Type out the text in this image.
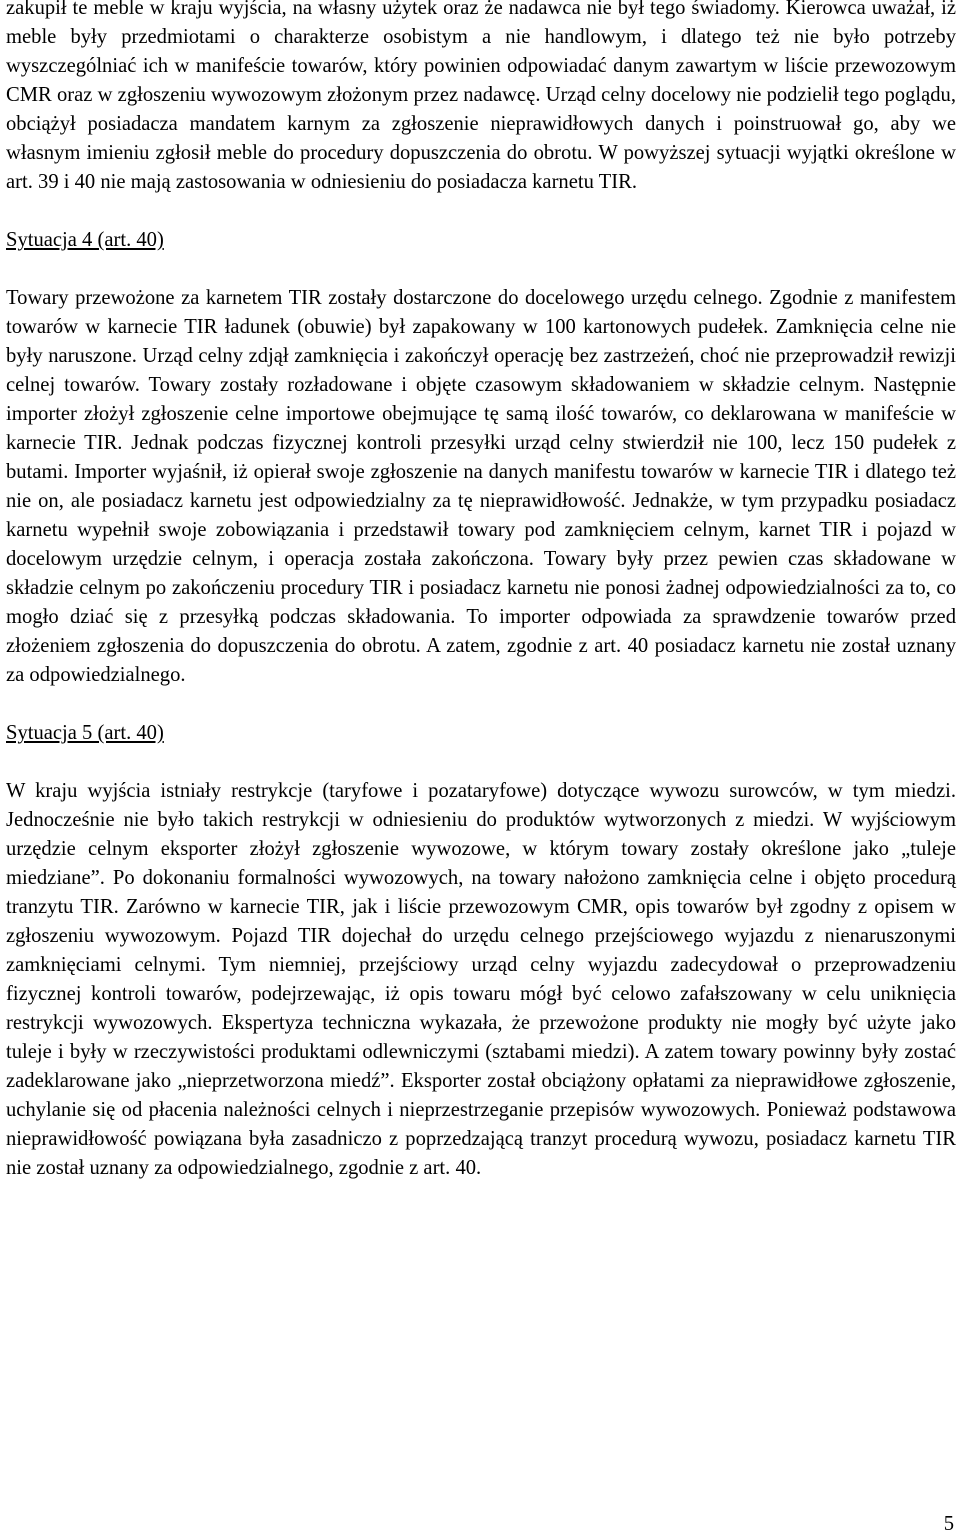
zakupił te meble w kraju wyjścia, na własny użytek oraz że nadawca nie był tego świadomy. Kierowca uważał, iż meble były przedmiotami o charakterze osobistym a nie handlowym, i dlatego też nie było potrzeby wyszczególniać ich w manifeście towarów, który powinien odpowiadać danym zawartym w liście przewozowym CMR oraz w zgłoszeniu wywozowym złożonym przez nadawcę. Urząd celny docelowy nie podzielił tego poglądu, obciążył posiadacza mandatem karnym za zgłoszenie nieprawidłowych danych i poinstruował go, aby we własnym imieniu zgłosił meble do procedury dopuszczenia do obrotu. W powyższej sytuacji wyjątki określone w art. 39 i 40 nie mają zastosowania w odniesieniu do posiadacza karnetu TIR.

Sytuacja 4 (art. 40)

Towary przewożone za karnetem TIR zostały dostarczone do docelowego urzędu celnego. Zgodnie z manifestem towarów w karnecie TIR ładunek (obuwie) był zapakowany w 100 kartonowych pudełek. Zamknięcia celne nie były naruszone. Urząd celny zdjął zamknięcia i zakończył operację bez zastrzeżeń, choć nie przeprowadził rewizji celnej towarów. Towary zostały rozładowane i objęte czasowym składowaniem w składzie celnym. Następnie importer złożył zgłoszenie celne importowe obejmujące tę samą ilość towarów, co deklarowana w manifeście w karnecie TIR. Jednak podczas fizycznej kontroli przesyłki urząd celny stwierdził nie 100, lecz 150 pudełek z butami. Importer wyjaśnił, iż opierał swoje zgłoszenie na danych manifestu towarów w karnecie TIR i dlatego też nie on, ale posiadacz karnetu jest odpowiedzialny za tę nieprawidłowość. Jednakże, w tym przypadku posiadacz karnetu wypełnił swoje zobowiązania i przedstawił towary pod zamknięciem celnym, karnet TIR i pojazd w docelowym urzędzie celnym, i operacja została zakończona. Towary były przez pewien czas składowane w składzie celnym po zakończeniu procedury TIR i posiadacz karnetu nie ponosi żadnej odpowiedzialności za to, co mogło dziać się z przesyłką podczas składowania. To importer odpowiada za sprawdzenie towarów przed złożeniem zgłoszenia do dopuszczenia do obrotu. A zatem, zgodnie z art. 40 posiadacz karnetu nie został uznany za odpowiedzialnego.

Sytuacja 5 (art. 40)

W kraju wyjścia istniały restrykcje (taryfowe i pozataryfowe) dotyczące wywozu surowców, w tym miedzi. Jednocześnie nie było takich restrykcji w odniesieniu do produktów wytworzonych z miedzi. W wyjściowym urzędzie celnym eksporter złożył zgłoszenie wywozowe, w którym towary zostały określone jako „tuleje miedziane”. Po dokonaniu formalności wywozowych, na towary nałożono zamknięcia celne i objęto procedurą tranzytu TIR. Zarówno w karnecie TIR, jak i liście przewozowym CMR, opis towarów był zgodny z opisem w zgłoszeniu wywozowym. Pojazd TIR dojechał do urzędu celnego przejściowego wyjazdu z nienaruszonymi zamknięciami celnymi. Tym niemniej, przejściowy urząd celny wyjazdu zadecydował o przeprowadzeniu fizycznej kontroli towarów, podejrzewając, iż opis towaru mógł być celowo zafałszowany w celu uniknięcia restrykcji wywozowych. Ekspertyza techniczna wykazała, że przewożone produkty nie mogły być użyte jako tuleje i były w rzeczywistości produktami odlewniczymi (sztabami miedzi). A zatem towary powinny były zostać zadeklarowane jako „nieprzetworzona miedź”. Eksporter został obciążony opłatami za nieprawidłowe zgłoszenie, uchylanie się od płacenia należności celnych i nieprzestrzeganie przepisów wywozowych. Ponieważ podstawowa nieprawidłowość powiązana była zasadniczo z poprzedzającą tranzyt procedurą wywozu, posiadacz karnetu TIR nie został uznany za odpowiedzialnego, zgodnie z art. 40.

5
